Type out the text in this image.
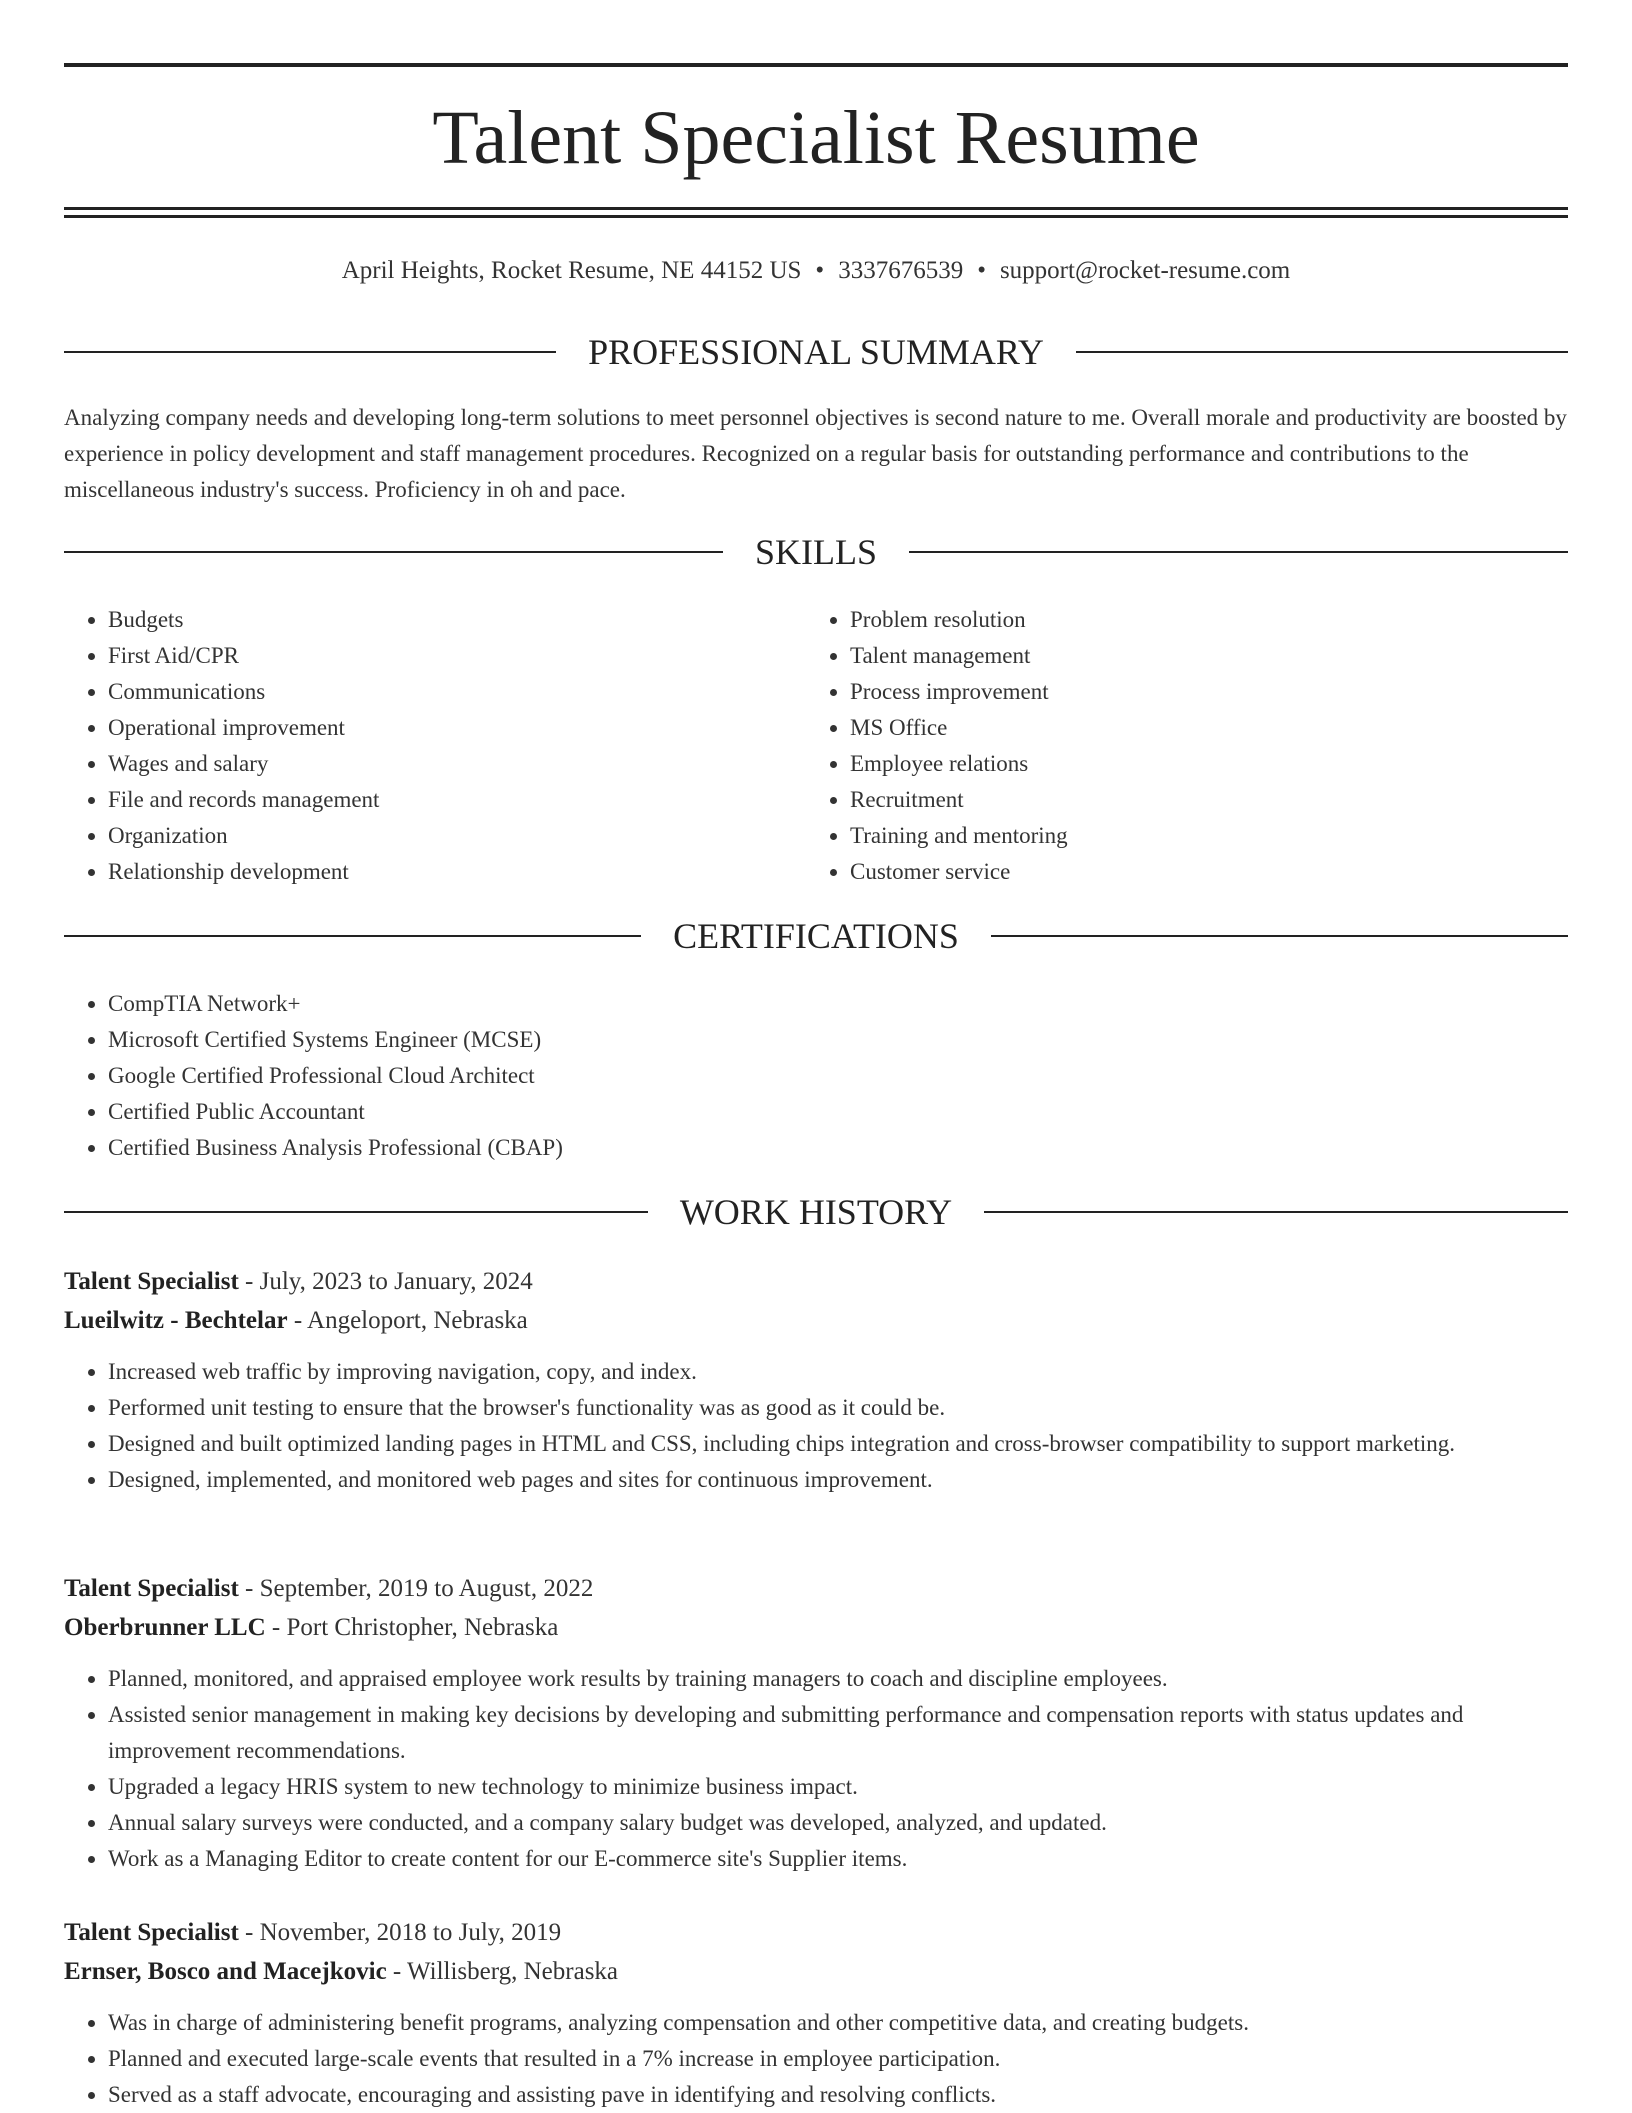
Talent Specialist Resume
April Heights, Rocket Resume, NE 44152 US • 3337676539 • support@rocket-resume.com
PROFESSIONAL SUMMARY

Analyzing company needs and developing long-term solutions to meet personnel objectives is second nature to me. Overall morale and productivity are boosted by experience in policy development and staff management procedures. Recognized on a regular basis for outstanding performance and contributions to the miscellaneous industry's success. Proficiency in oh and pace.

SKILLS
• Budgets
• First Aid/CPR
• Communications
• Operational improvement
• Wages and salary
• File and records management
• Organization
• Relationship development
• Problem resolution
• Talent management
• Process improvement
• MS Office
• Employee relations
• Recruitment
• Training and mentoring
• Customer service
CERTIFICATIONS
• CompTIA Network+
• Microsoft Certified Systems Engineer (MCSE)
• Google Certified Professional Cloud Architect
• Certified Public Accountant
• Certified Business Analysis Professional (CBAP)
WORK HISTORY
Talent Specialist - July, 2023 to January, 2024
Lueilwitz - Bechtelar - Angeloport, Nebraska
• Increased web traffic by improving navigation, copy, and index.
• Performed unit testing to ensure that the browser's functionality was as good as it could be.
• Designed and built optimized landing pages in HTML and CSS, including chips integration and cross-browser compatibility to support marketing.
• Designed, implemented, and monitored web pages and sites for continuous improvement.
Talent Specialist - September, 2019 to August, 2022
Oberbrunner LLC - Port Christopher, Nebraska
• Planned, monitored, and appraised employee work results by training managers to coach and discipline employees.
• Assisted senior management in making key decisions by developing and submitting performance and compensation reports with status updates and improvement recommendations.
• Upgraded a legacy HRIS system to new technology to minimize business impact.
• Annual salary surveys were conducted, and a company salary budget was developed, analyzed, and updated.
• Work as a Managing Editor to create content for our E-commerce site's Supplier items.
Talent Specialist - November, 2018 to July, 2019
Ernser, Bosco and Macejkovic - Willisberg, Nebraska
• Was in charge of administering benefit programs, analyzing compensation and other competitive data, and creating budgets.
• Planned and executed large-scale events that resulted in a 7% increase in employee participation.
• Served as a staff advocate, encouraging and assisting pave in identifying and resolving conflicts.
